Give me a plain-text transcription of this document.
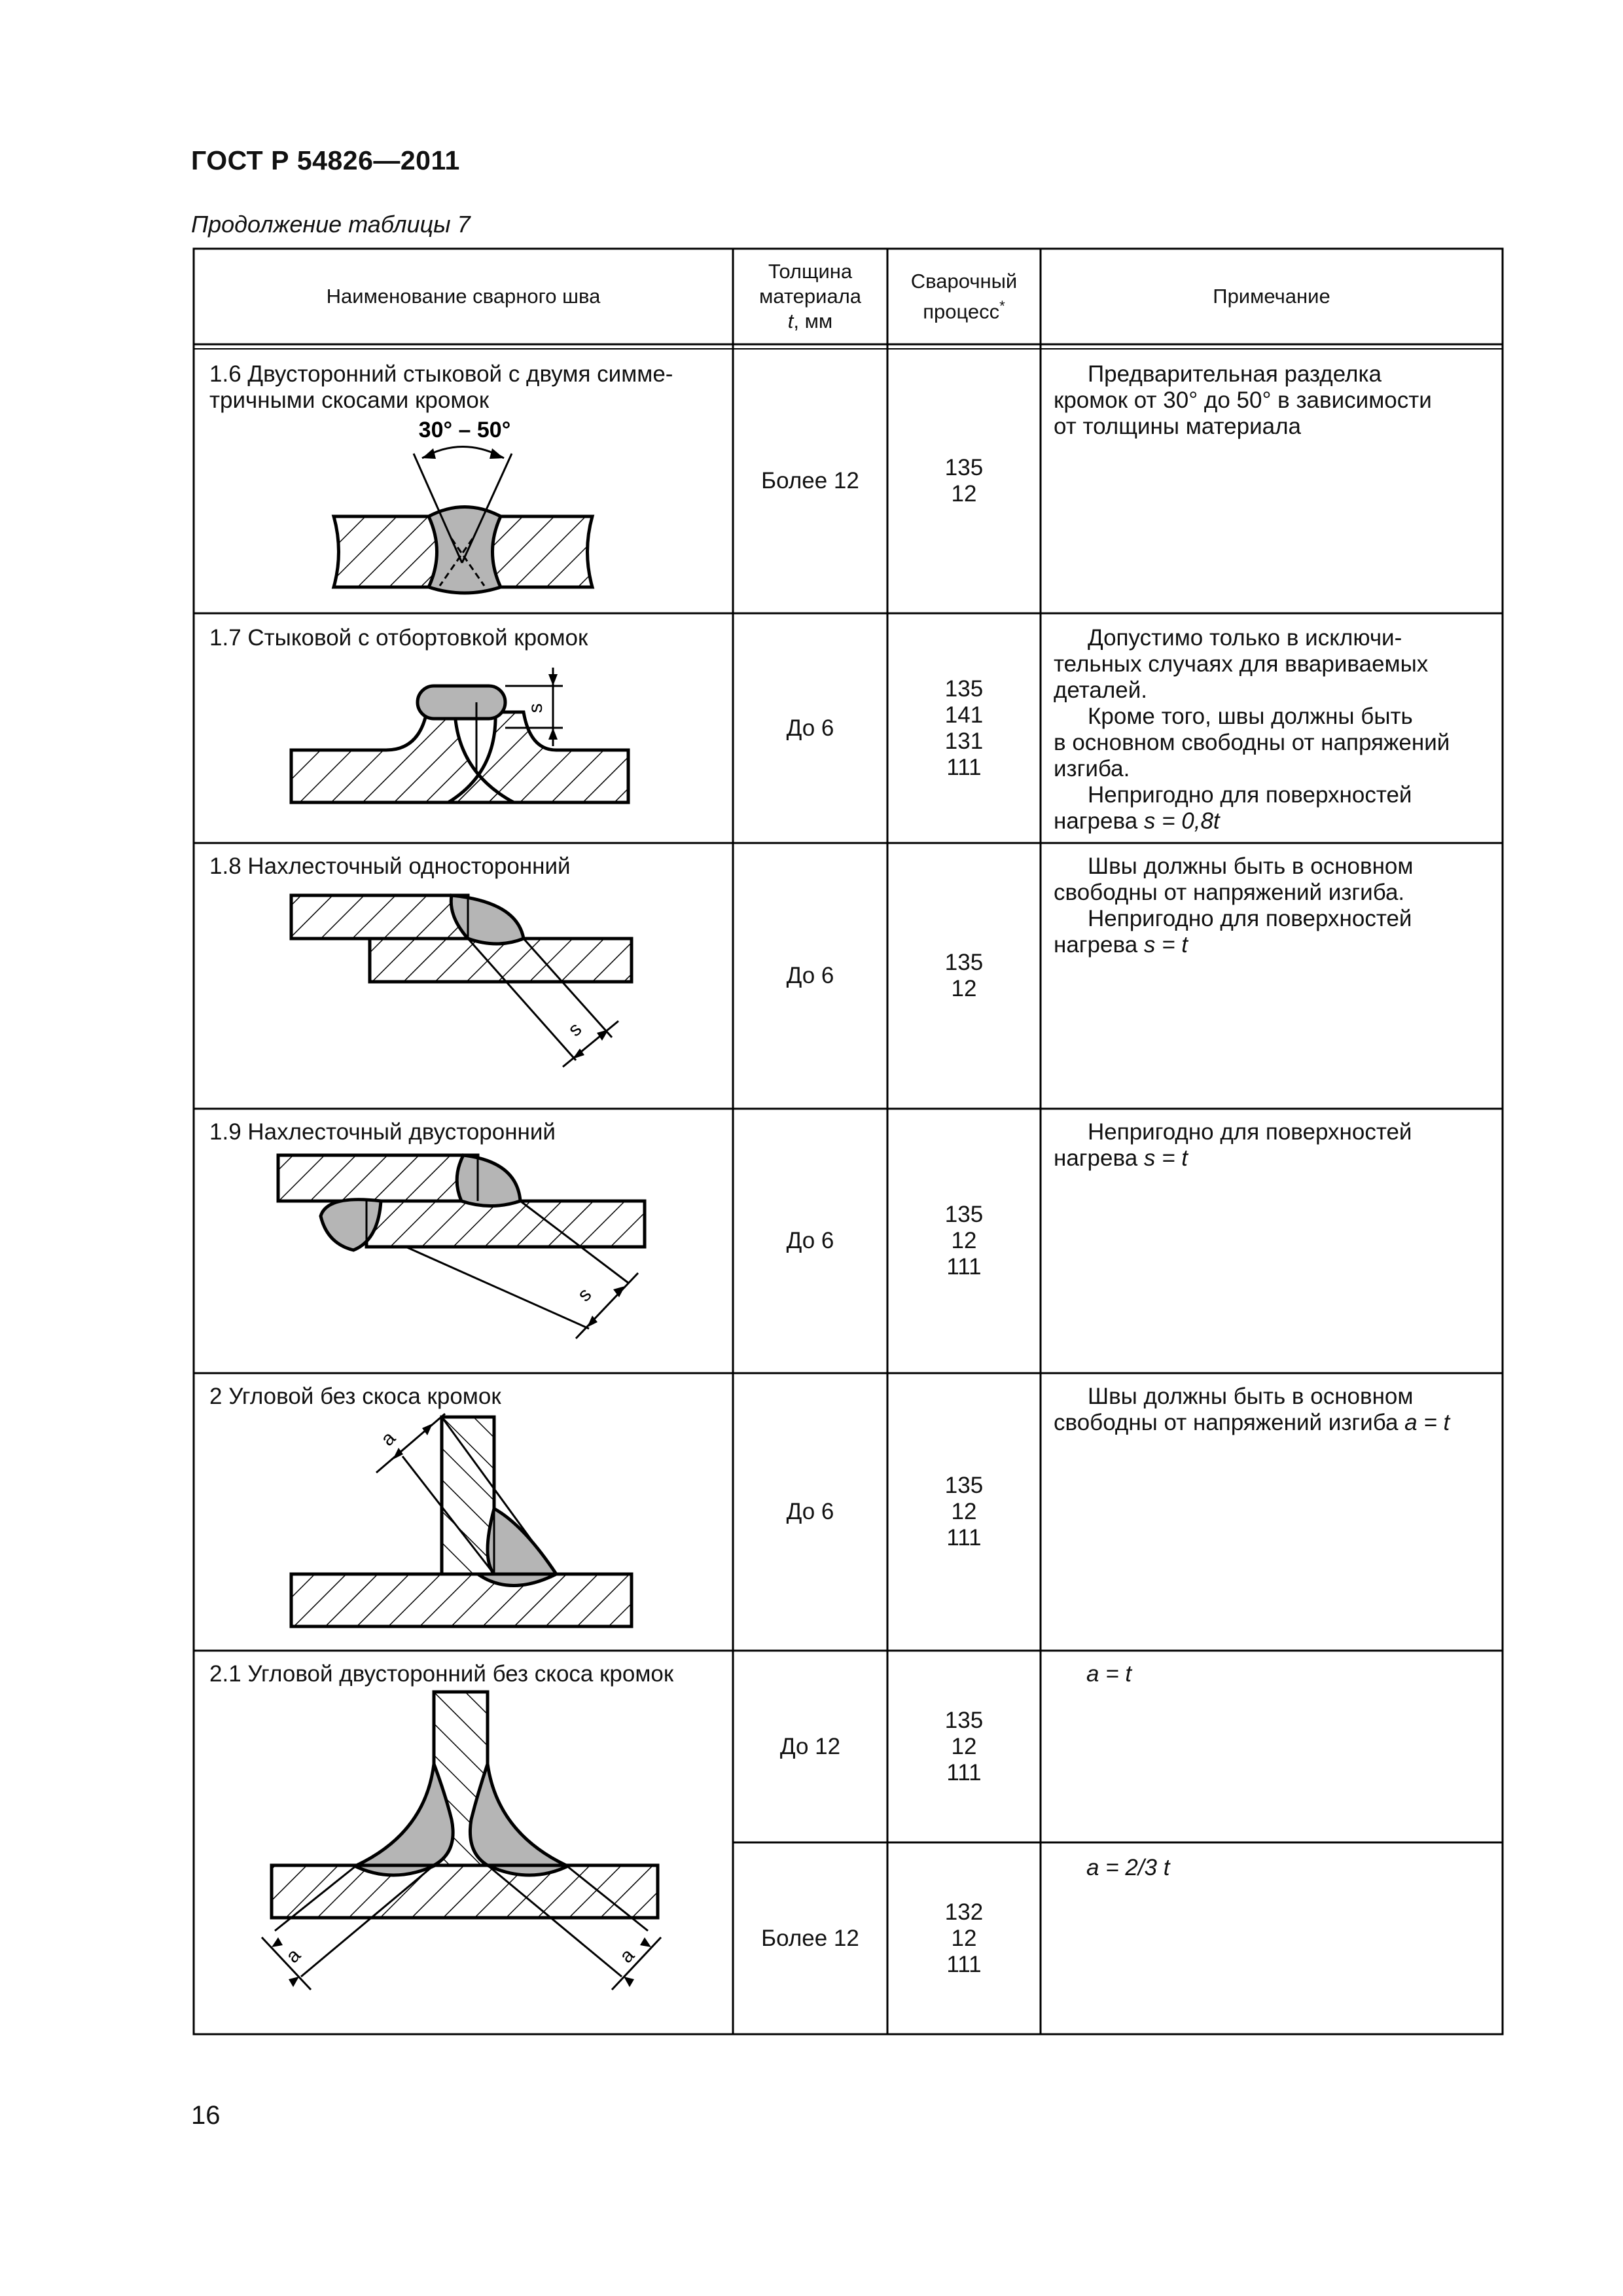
ГОСТ Р 54826—2011
Продолжение таблицы 7
Наименование сварного шва
Толщина
материала
t, мм
Сварочный
процесс*	Примечание
1.6 Двусторонний стыковой с двумя симме-
тричными скосами кромок
Более 12
135
12

Предварительная разделка

кромок от 30° до 50° в зависимости

от толщины материала

30° – 50°
1.7 Стыковой с отбортовкой кромок
До 6
135
141
131
111

Допустимо только в исключи-

тельных случаях для ввариваемых

деталей.

Кроме того, швы должны быть

в основном свободны от напряжений

изгиба.

Непригодно для поверхностей

нагрева s = 0,8t

s
1.8 Нахлесточный односторонний
До 6
135
12

Швы должны быть в основном

свободны от напряжений изгиба.

Непригодно для поверхностей

нагрева s = t

s
1.9 Нахлесточный двусторонний
До 6
135
12
111

Непригодно для поверхностей

нагрева s = t

s
2 Угловой без скоса кромок
До 6
135
12
111

Швы должны быть в основном

свободны от напряжений изгиба a = t

a
2.1 Угловой двусторонний без скоса кромок
До 12
135
12
111
a = t
Более 12
132
12
111
a = 2/3 t
a	a
16
